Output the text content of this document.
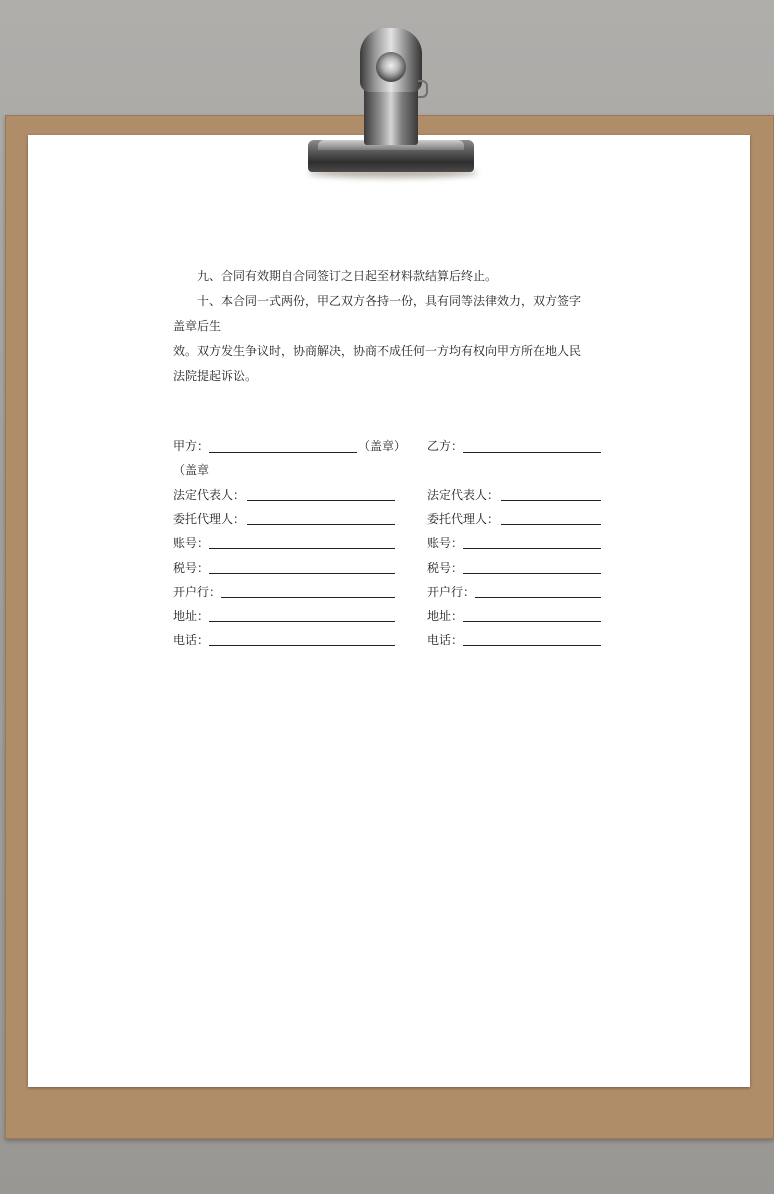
九、合同有效期自合同签订之日起至材料款结算后终止。
十、本合同一式两份，甲乙双方各持一份，具有同等法律效力，双方签字
盖章后生
效。双方发生争议时，协商解决，协商不成任何一方均有权向甲方所在地人民
法院提起诉讼。
甲方：	（盖章） 乙方：
（盖章
法定代表人：	法定代表人：
委托代理人：	委托代理人：
账号：	账号：
税号：	税号：
开户行：	开户行：
地址：	地址：
电话：	电话：
